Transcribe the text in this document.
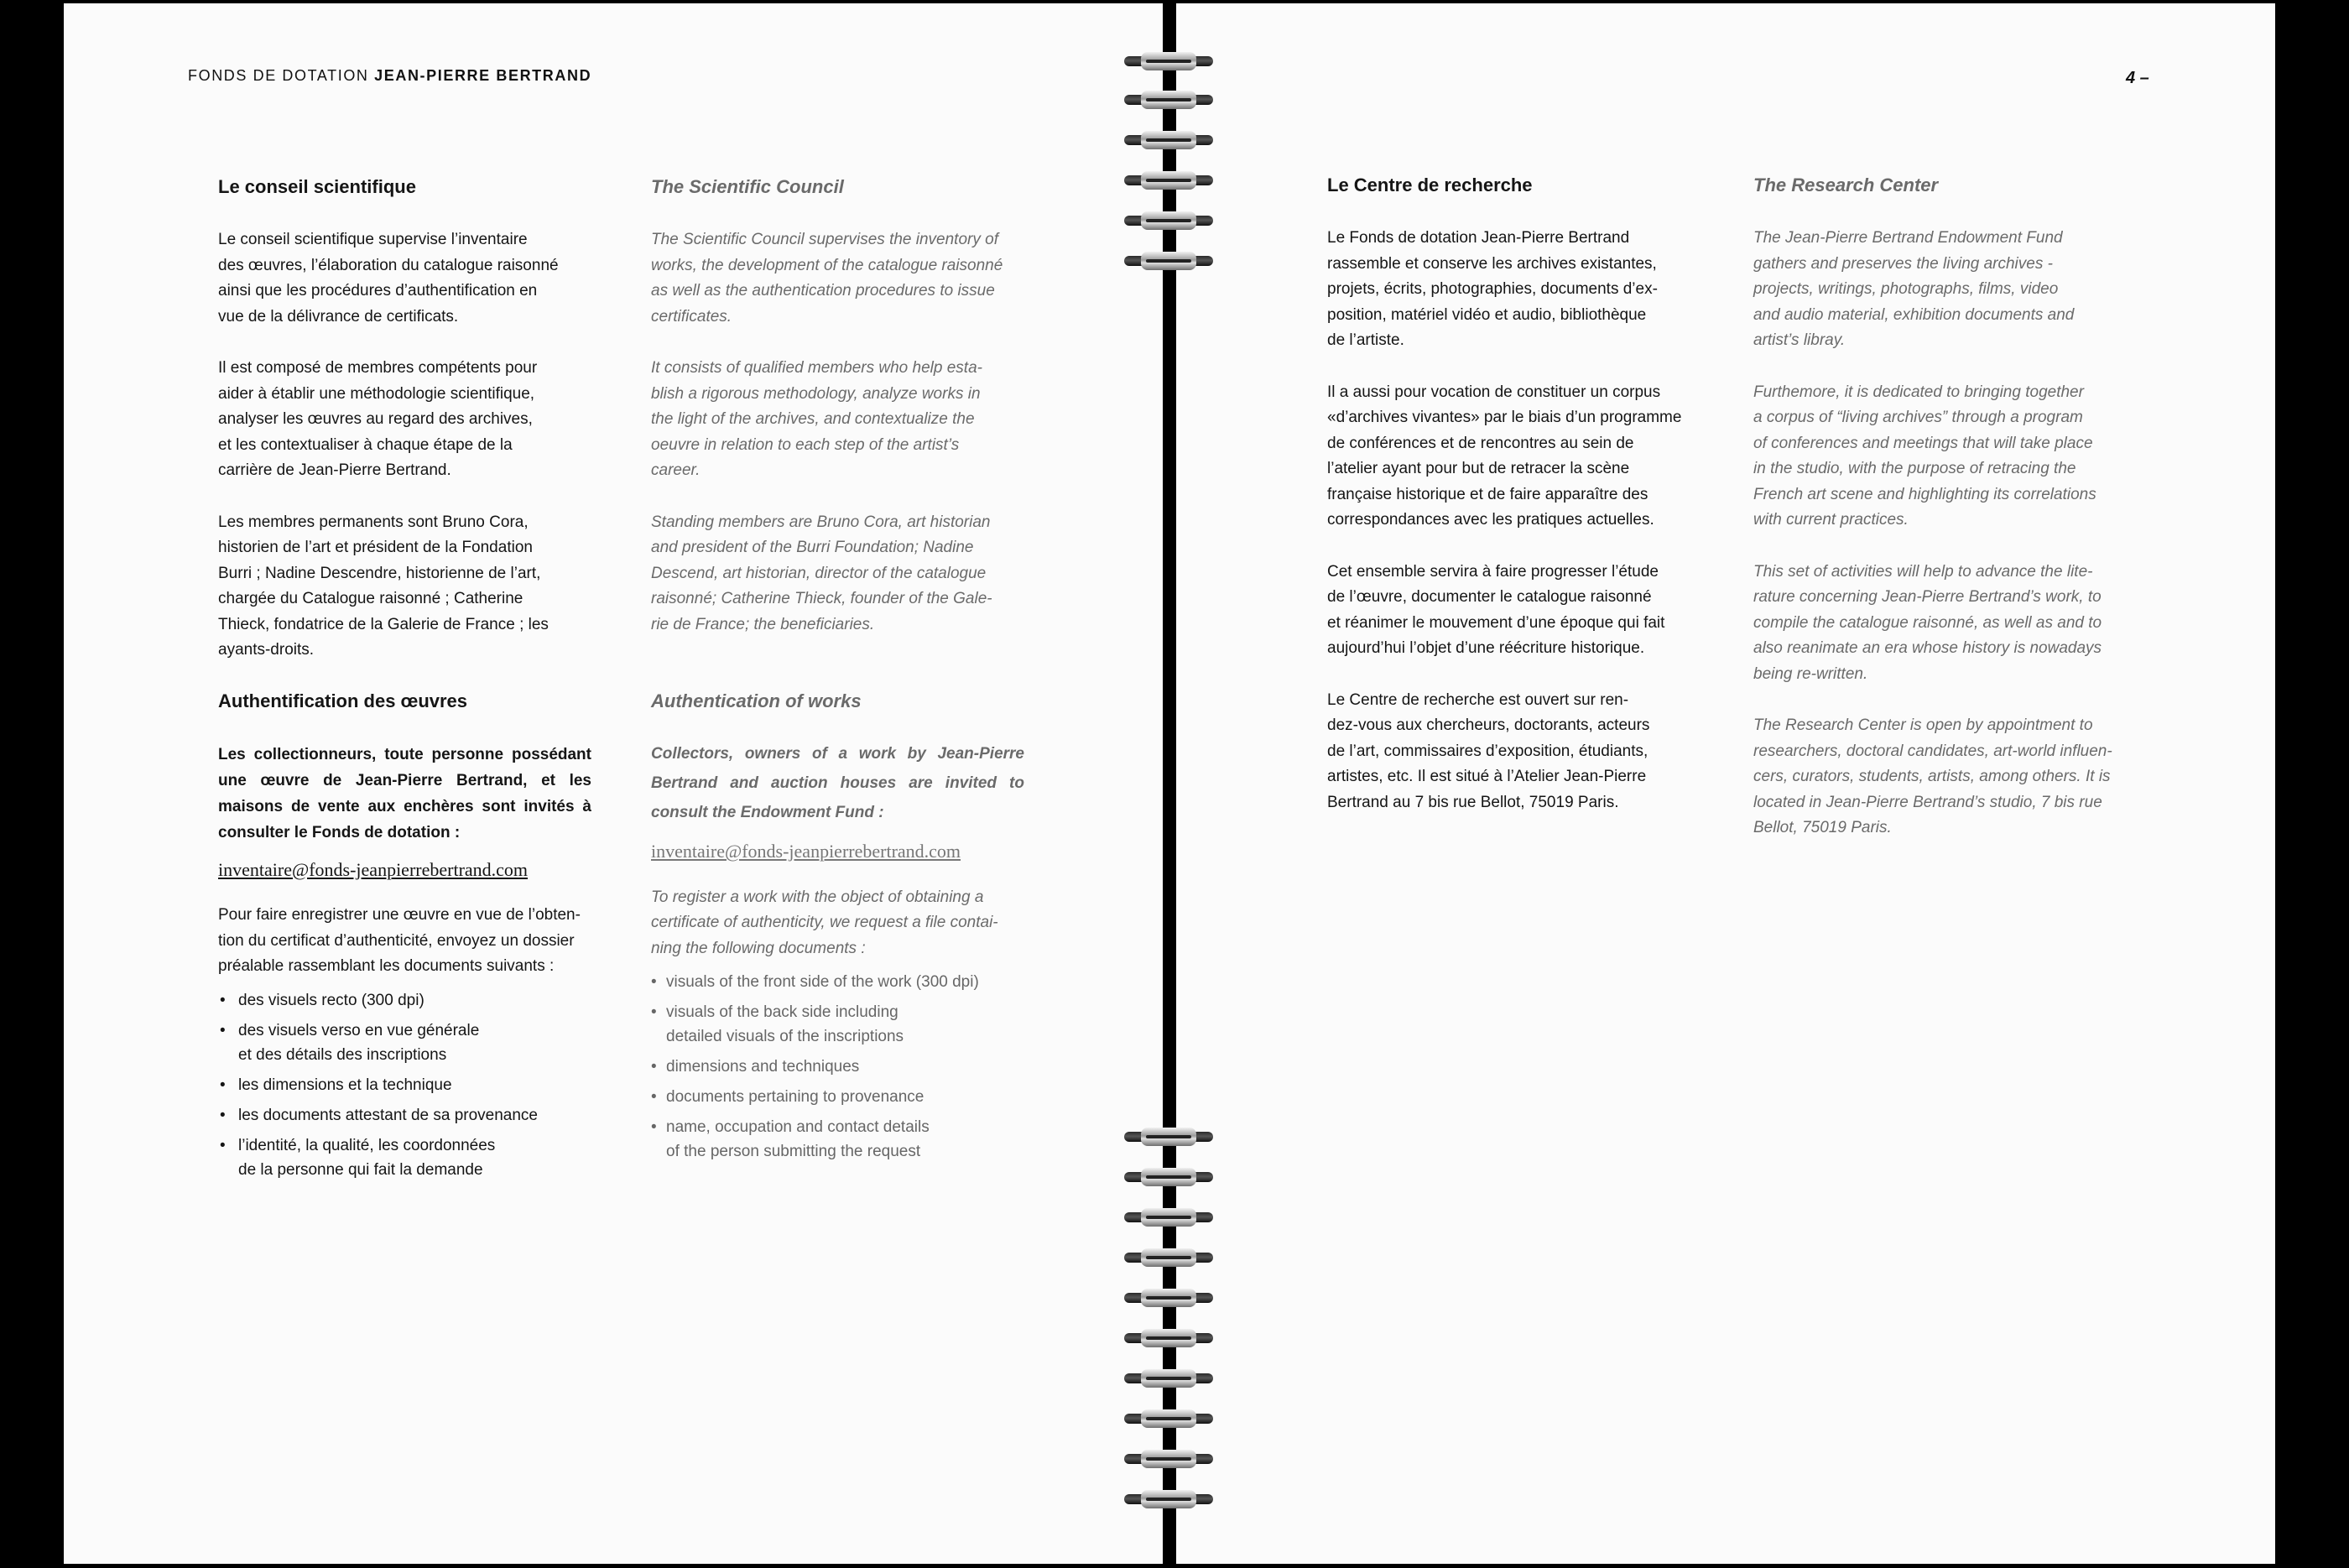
FONDS DE DOTATION JEAN-PIERRE BERTRAND	4 –
Le conseil scientifique

Le conseil scientifique supervise l’inventaire
des œuvres, l’élaboration du catalogue raisonné
ainsi que les procédures d’authentification en
vue de la délivrance de certificats.

Il est composé de membres compétents pour
aider à établir une méthodologie scientifique,
analyser les œuvres au regard des archives,
et les contextualiser à chaque étape de la
carrière de Jean-Pierre Bertrand.

Les membres permanents sont Bruno Cora,
historien de l’art et président de la Fondation
Burri ; Nadine Descendre, historienne de l’art,
chargée du Catalogue raisonné ; Catherine
Thieck, fondatrice de la Galerie de France ; les
ayants-droits.

Authentification des œuvres

Les collectionneurs, toute personne possédant une œuvre de Jean-Pierre Bertrand, et les maisons de vente aux enchères sont invités à consulter le Fonds de dotation :

inventaire@fonds-jeanpierrebertrand.com

Pour faire enregistrer une œuvre en vue de l’obten-
tion du certificat d’authenticité, envoyez un dossier
préalable rassemblant les documents suivants :

• des visuels recto (300 dpi)
• des visuels verso en vue générale
et des détails des inscriptions
• les dimensions et la technique
• les documents attestant de sa provenance
• l’identité, la qualité, les coordonnées
de la personne qui fait la demande
The Scientific Council

The Scientific Council supervises the inventory of
works, the development of the catalogue raisonné
as well as the authentication procedures to issue
certificates.

It consists of qualified members who help esta-
blish a rigorous methodology, analyze works in
the light of the archives, and contextualize the
oeuvre in relation to each step of the artist’s
career.

Standing members are Bruno Cora, art historian
and president of the Burri Foundation; Nadine
Descend, art historian, director of the catalogue
raisonné; Catherine Thieck, founder of the Gale-
rie de France; the beneficiaries.

Authentication of works

Collectors, owners of a work by Jean-Pierre Bertrand and auction houses are invited to consult the Endowment Fund :

inventaire@fonds-jeanpierrebertrand.com

To register a work with the object of obtaining a
certificate of authenticity, we request a file contai-
ning the following documents :

• visuals of the front side of the work (300 dpi)
• visuals of the back side including
detailed visuals of the inscriptions
• dimensions and techniques
• documents pertaining to provenance
• name, occupation and contact details
of the person submitting the request
Le Centre de recherche

Le Fonds de dotation Jean-Pierre Bertrand
rassemble et conserve les archives existantes,
projets, écrits, photographies, documents d’ex-
position, matériel vidéo et audio, bibliothèque
de l’artiste.

Il a aussi pour vocation de constituer un corpus
«d’archives vivantes» par le biais d’un programme
de conférences et de rencontres au sein de
l’atelier ayant pour but de retracer la scène
française historique et de faire apparaître des
correspondances avec les pratiques actuelles.

Cet ensemble servira à faire progresser l’étude
de l’œuvre, documenter le catalogue raisonné
et réanimer le mouvement d’une époque qui fait
aujourd’hui l’objet d’une réécriture historique.

Le Centre de recherche est ouvert sur ren-
dez-vous aux chercheurs, doctorants, acteurs
de l’art, commissaires d’exposition, étudiants,
artistes, etc. Il est situé à l’Atelier Jean-Pierre
Bertrand au 7 bis rue Bellot, 75019 Paris.

The Research Center

The Jean-Pierre Bertrand Endowment Fund
gathers and preserves the living archives -
projects, writings, photographs, films, video
and audio material, exhibition documents and
artist’s libray.

Furthemore, it is dedicated to bringing together
a corpus of “living archives” through a program
of conferences and meetings that will take place
in the studio, with the purpose of retracing the
French art scene and highlighting its correlations
with current practices.

This set of activities will help to advance the lite-
rature concerning Jean-Pierre Bertrand’s work, to
compile the catalogue raisonné, as well as and to
also reanimate an era whose history is nowadays
being re-written.

The Research Center is open by appointment to
researchers, doctoral candidates, art-world influen-
cers, curators, students, artists, among others. It is
located in Jean-Pierre Bertrand’s studio, 7 bis rue
Bellot, 75019 Paris.
